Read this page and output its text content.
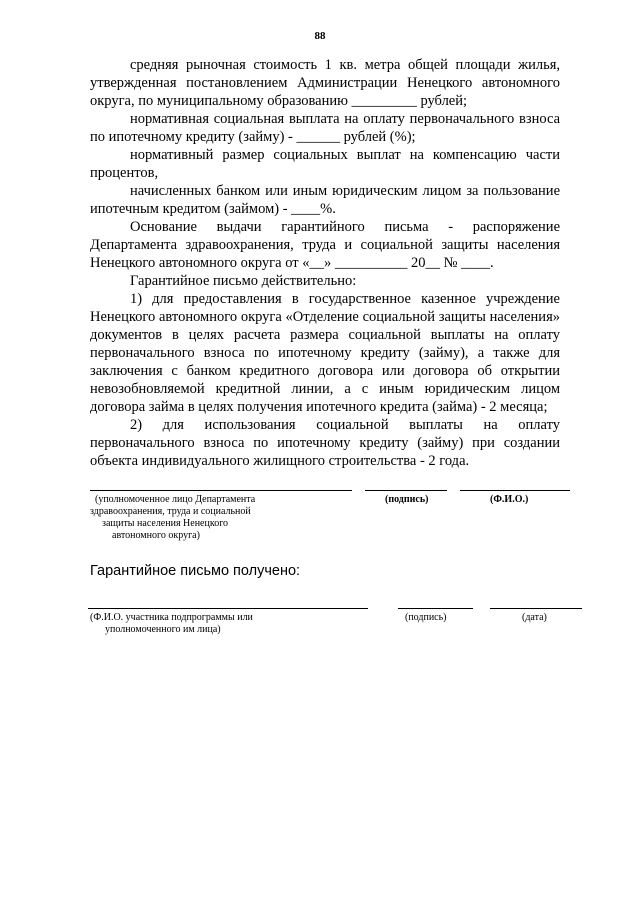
88

средняя рыночная стоимость 1 кв. метра общей площади жилья, утвержденная постановлением Администрации Ненецкого автономного округа, по муниципальному образованию _________ рублей;

нормативная социальная выплата на оплату первоначального взноса по ипотечному кредиту (займу) - ______ рублей (%);

нормативный размер социальных выплат на компенсацию части процентов,

начисленных банком или иным юридическим лицом за пользование ипотечным кредитом (займом) - ____%.

Основание выдачи гарантийного письма - распоряжение Департамента здравоохранения, труда и социальной защиты населения Ненецкого автономного округа от «__» __________ 20__ № ____.

Гарантийное письмо действительно:

1) для предоставления в государственное казенное учреждение Ненецкого автономного округа «Отделение социальной защиты населения» документов в целях расчета размера социальной выплаты на оплату первоначального взноса по ипотечному кредиту (займу), а также для заключения с банком кредитного договора или договора об открытии невозобновляемой кредитной линии, а с иным юридическим лицом договора займа в целях получения ипотечного кредита (займа) - 2 месяца;

2) для использования социальной выплаты на оплату первоначального взноса по ипотечному кредиту (займу) при создании объекта индивидуального жилищного строительства - 2 года.

(уполномоченное лицо Департамента
здравоохранения, труда и социальной
защиты населения Ненецкого
автономного округа)
(подпись)	(Ф.И.О.)
Гарантийное письмо получено:
(Ф.И.О. участника подпрограммы или
уполномоченного им лица)
(подпись)	(дата)
